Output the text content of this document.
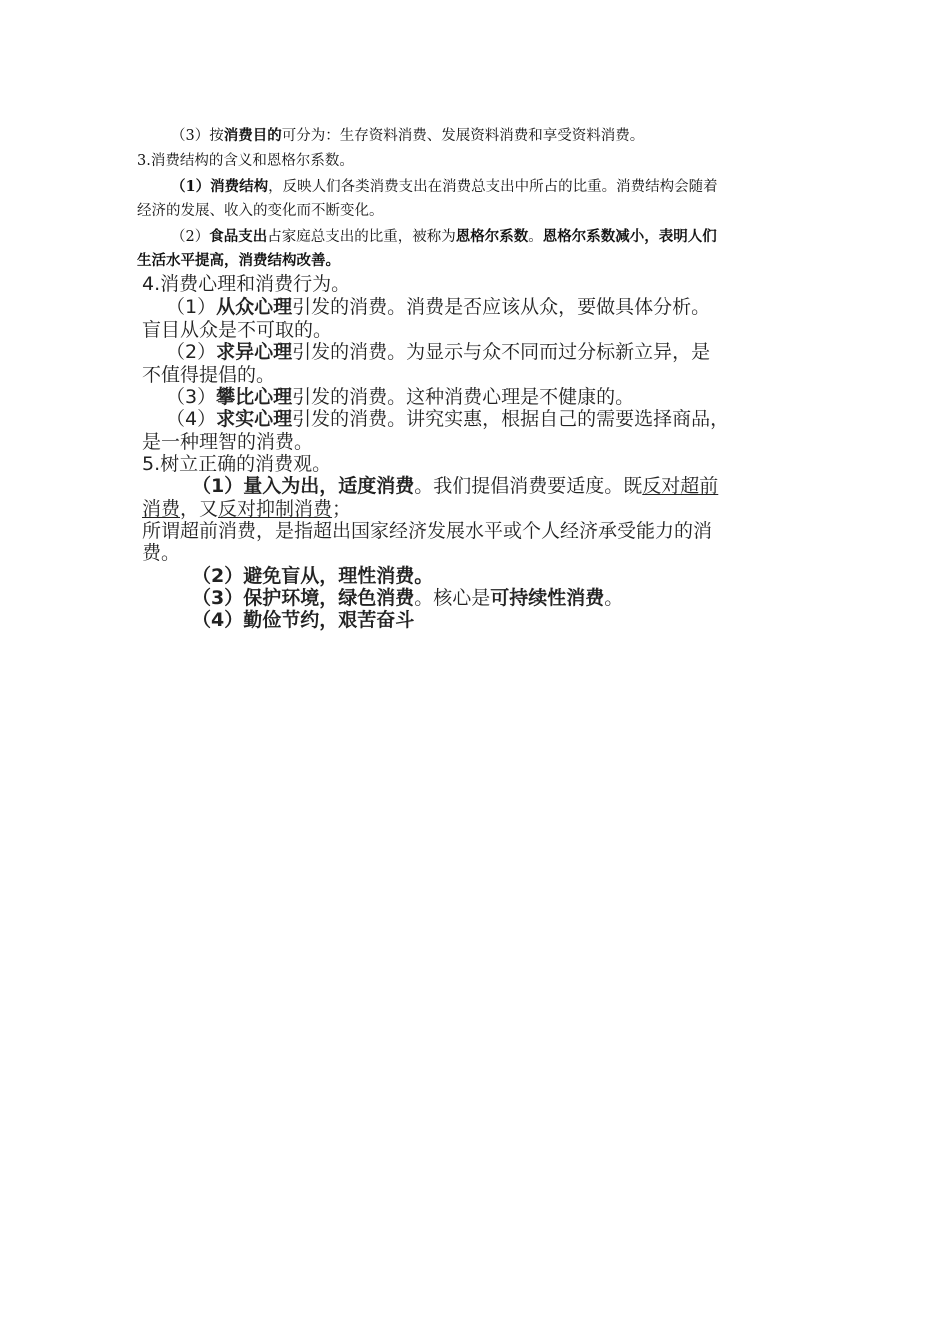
（3）按消费目的可分为：生存资料消费、发展资料消费和享受资料消费。
3.消费结构的含义和恩格尔系数。
（1）消费结构，反映人们各类消费支出在消费总支出中所占的比重。消费结构会随着
经济的发展、收入的变化而不断变化。
（2）食品支出占家庭总支出的比重，被称为恩格尔系数。恩格尔系数减小，表明人们
生活水平提高，消费结构改善。
4.消费心理和消费行为。
（1）从众心理引发的消费。消费是否应该从众，要做具体分析。
盲目从众是不可取的。
（2）求异心理引发的消费。为显示与众不同而过分标新立异，是
不值得提倡的。
（3）攀比心理引发的消费。这种消费心理是不健康的。
（4）求实心理引发的消费。讲究实惠，根据自己的需要选择商品，
是一种理智的消费。
5.树立正确的消费观。
（1）量入为出，适度消费。我们提倡消费要适度。既反对超前
消费，又反对抑制消费；
所谓超前消费，是指超出国家经济发展水平或个人经济承受能力的消
费。
（2）避免盲从，理性消费。
（3）保护环境，绿色消费。核心是可持续性消费。
（4）勤俭节约，艰苦奋斗
